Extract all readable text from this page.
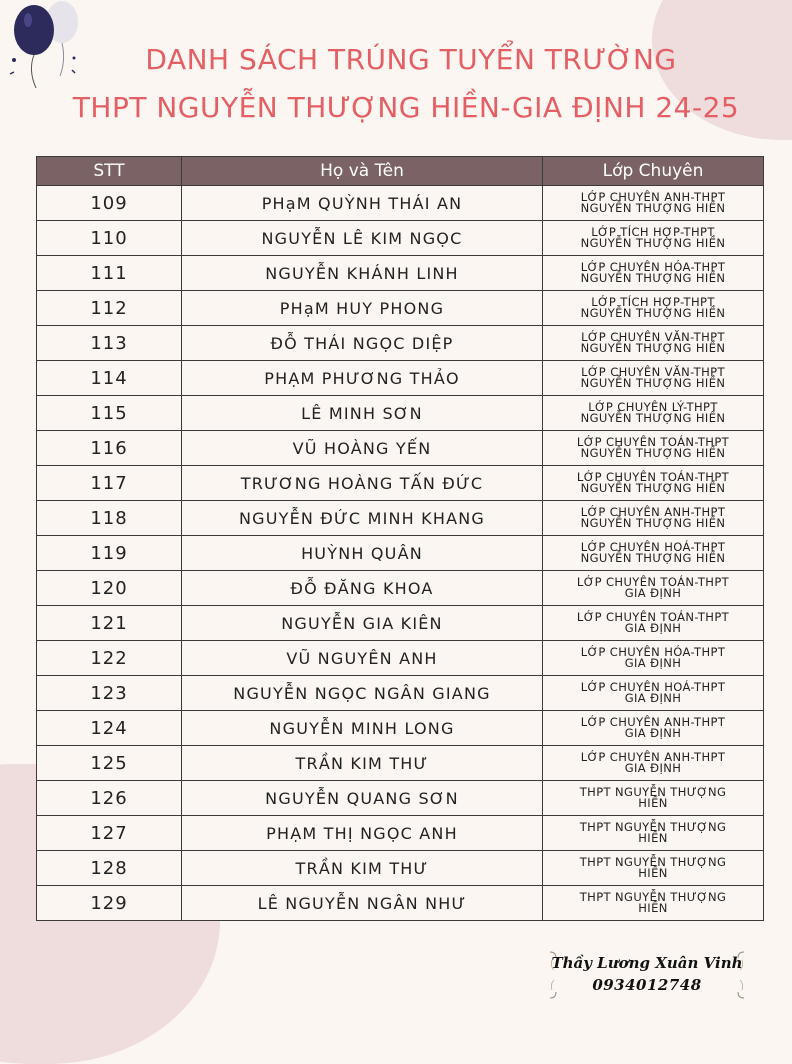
DANH SÁCH TRÚNG TUYỂN TRƯỜNG
THPT NGUYỄN THƯỢNG HIỀN-GIA ĐỊNH 24-25
STT	Họ và Tên	Lớp Chuyên
109	PHạM QUỲNH THÁI AN	LỚP CHUYÊN ANH-THPT
NGUYỄN THƯỢNG HIỀN

110	NGUYỄN LÊ KIM NGỌC	LỚP TÍCH HỢP-THPT
NGUYỄN THƯỢNG HIỀN

111	NGUYỄN KHÁNH LINH	LỚP CHUYÊN HÓA-THPT
NGUYỄN THƯỢNG HIỀN

112	PHạM HUY PHONG	LỚP TÍCH HỢP-THPT
NGUYỄN THƯỢNG HIỀN

113	ĐỖ THÁI NGỌC DIỆP	LỚP CHUYÊN VĂN-THPT
NGUYỄN THƯỢNG HIỀN

114	PHẠM PHƯƠNG THẢO	LỚP CHUYÊN VĂN-THPT
NGUYỄN THƯỢNG HIỀN

115	LÊ MINH SƠN	LỚP CHUYÊN LÝ-THPT
NGUYỄN THƯỢNG HIỀN

116	VŨ HOÀNG YẾN	LỚP CHUYÊN TOÁN-THPT
NGUYỄN THƯỢNG HIỀN

117	TRƯƠNG HOÀNG TẤN ĐỨC	LỚP CHUYÊN TOÁN-THPT
NGUYỄN THƯỢNG HIỀN

118	NGUYỄN ĐỨC MINH KHANG	LỚP CHUYÊN ANH-THPT
NGUYỄN THƯỢNG HIỀN

119	HUỲNH QUÂN	LỚP CHUYÊN HOÁ-THPT
NGUYỄN THƯỢNG HIỀN

120	ĐỖ ĐĂNG KHOA	LỚP CHUYÊN TOÁN-THPT
GIA ĐỊNH

121	NGUYỄN GIA KIÊN	LỚP CHUYÊN TOÁN-THPT
GIA ĐỊNH

122	VŨ NGUYÊN ANH	LỚP CHUYÊN HÓA-THPT
GIA ĐỊNH

123	NGUYỄN NGỌC NGÂN GIANG	LỚP CHUYÊN HOÁ-THPT
GIA ĐỊNH

124	NGUYỄN MINH LONG	LỚP CHUYÊN ANH-THPT
GIA ĐỊNH

125	TRẦN KIM THƯ	LỚP CHUYÊN ANH-THPT
GIA ĐỊNH

126	NGUYỄN QUANG SƠN	THPT NGUYỄN THƯỢNG
HIỀN

127	PHẠM THỊ NGỌC ANH	THPT NGUYỄN THƯỢNG
HIỀN

128	TRẦN KIM THƯ	THPT NGUYỄN THƯỢNG
HIỀN

129	LÊ NGUYỄN NGÂN NHƯ	THPT NGUYỄN THƯỢNG
HIỀN
Thầy Lương Xuân Vinh
0934012748
